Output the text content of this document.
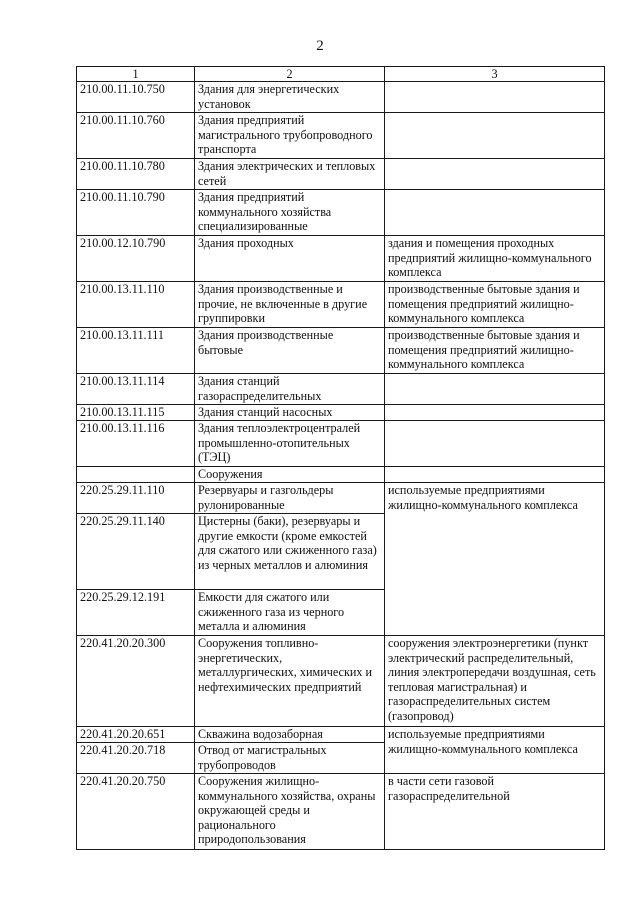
2
1	2	3
210.00.11.10.750	Здания для энергетических установок	
210.00.11.10.760	Здания предприятий магистрального трубопроводного транспорта	
210.00.11.10.780	Здания электрических и тепловых сетей	
210.00.11.10.790	Здания предприятий коммунального хозяйства специализированные	
210.00.12.10.790	Здания проходных	здания и помещения проходных предприятий жилищно-коммунального комплекса
210.00.13.11.110	Здания производственные и прочие, не включенные в другие группировки	производственные бытовые здания и помещения предприятий жилищно-коммунального комплекса
210.00.13.11.111	Здания производственные бытовые	производственные бытовые здания и помещения предприятий жилищно-коммунального комплекса
210.00.13.11.114	Здания станций газораспределительных	
210.00.13.11.115	Здания станций насосных	
210.00.13.11.116	Здания теплоэлектроцентралей промышленно-отопительных (ТЭЦ)	
	Сооружения	
220.25.29.11.110	Резервуары и газгольдеры рулонированные	используемые предприятиями жилищно-коммунального комплекса
220.25.29.11.140	Цистерны (баки), резервуары и другие емкости (кроме емкостей для сжатого или сжиженного газа) из черных металлов и алюминия	
220.25.29.12.191	Емкости для сжатого или сжиженного газа из черного металла и алюминия	
220.41.20.20.300	Сооружения топливно-энергетических, металлургических, химических и нефтехимических предприятий	сооружения электроэнергетики (пункт электрический распределительный, линия электропередачи воздушная, сеть тепловая магистральная) и газораспределительных систем (газопровод)
220.41.20.20.651	Скважина водозаборная	используемые предприятиями жилищно-коммунального комплекса
220.41.20.20.718	Отвод от магистральных трубопроводов	
220.41.20.20.750	Сооружения жилищно-коммунального хозяйства, охраны окружающей среды и рационального природопользования	в части сети газовой газораспределительной
